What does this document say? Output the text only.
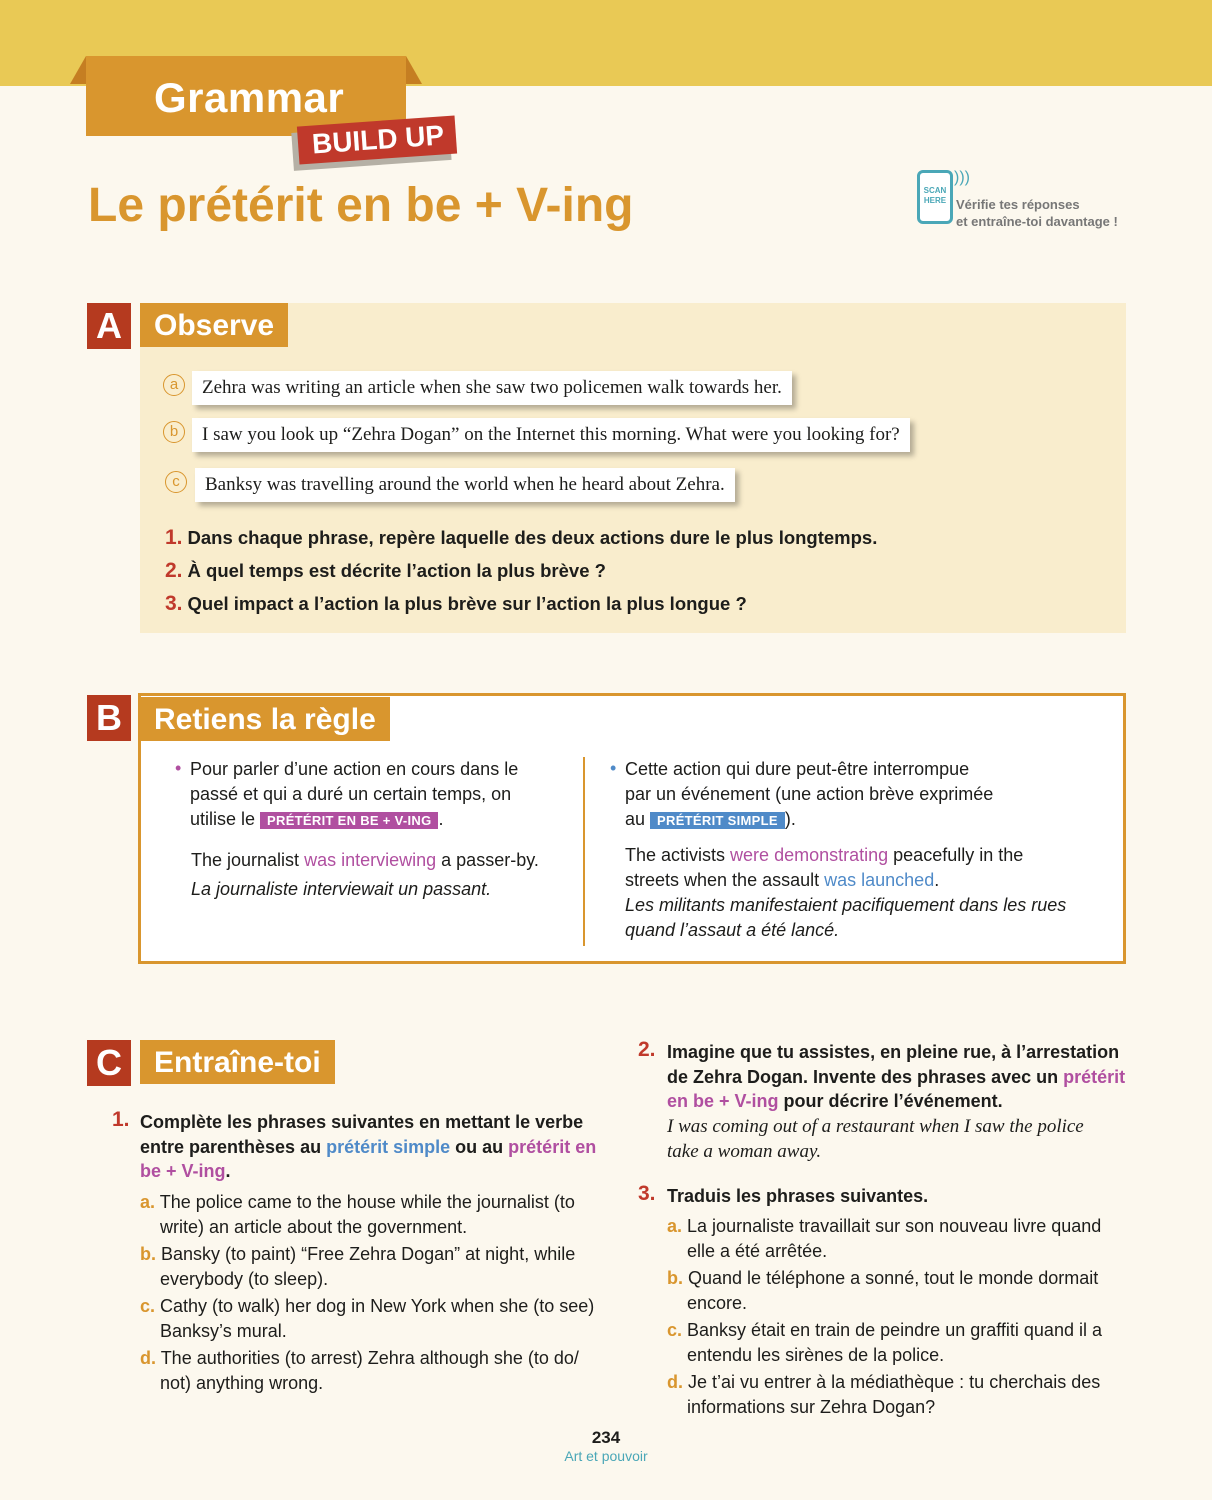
Grammar
BUILD UP
Le prétérit en be + V-ing	SCAN HERE
)))
Vérifie tes réponses
et entraîne-toi davantage !
A	Observe
a	Zehra was writing an article when she saw two policemen walk towards her.
b	I saw you look up “Zehra Dogan” on the Internet this morning. What were you looking for?
c	Banksy was travelling around the world when he heard about Zehra.
1. Dans chaque phrase, repère laquelle des deux actions dure le plus longtemps.
2. À quel temps est décrite l’action la plus brève ?
3. Quel impact a l’action la plus brève sur l’action la plus longue ?
B	Retiens la règle
• Pour parler d’une action en cours dans le
passé et qui a duré un certain temps, on
utilise le PRÉTÉRIT EN BE + V-ING .
The journalist was interviewing a passer-by.
La journaliste interviewait un passant.
• Cette action qui dure peut-être interrompue
par un événement (une action brève exprimée
au PRÉTÉRIT SIMPLE ).
The activists were demonstrating peacefully in the
streets when the assault was launched.
Les militants manifestaient pacifiquement dans les rues
quand l’assaut a été lancé.
C	Entraîne-toi
1. Complète les phrases suivantes en mettant le verbe
entre parenthèses au prétérit simple ou au prétérit en
be + V-ing.
a. The police came to the house while the journalist (to
write) an article about the government.
b. Bansky (to paint) “Free Zehra Dogan” at night, while
everybody (to sleep).
c. Cathy (to walk) her dog in New York when she (to see)
Banksy’s mural.
d. The authorities (to arrest) Zehra although she (to do/
not) anything wrong.
2. Imagine que tu assistes, en pleine rue, à l’arrestation
de Zehra Dogan. Invente des phrases avec un prétérit
en be + V-ing pour décrire l’événement.
I was coming out of a restaurant when I saw the police
take a woman away.
3. Traduis les phrases suivantes.
a. La journaliste travaillait sur son nouveau livre quand
elle a été arrêtée.
b. Quand le téléphone a sonné, tout le monde dormait
encore.
c. Banksy était en train de peindre un graffiti quand il a
entendu les sirènes de la police.
d. Je t’ai vu entrer à la médiathèque : tu cherchais des
informations sur Zehra Dogan?
234
Art et pouvoir
